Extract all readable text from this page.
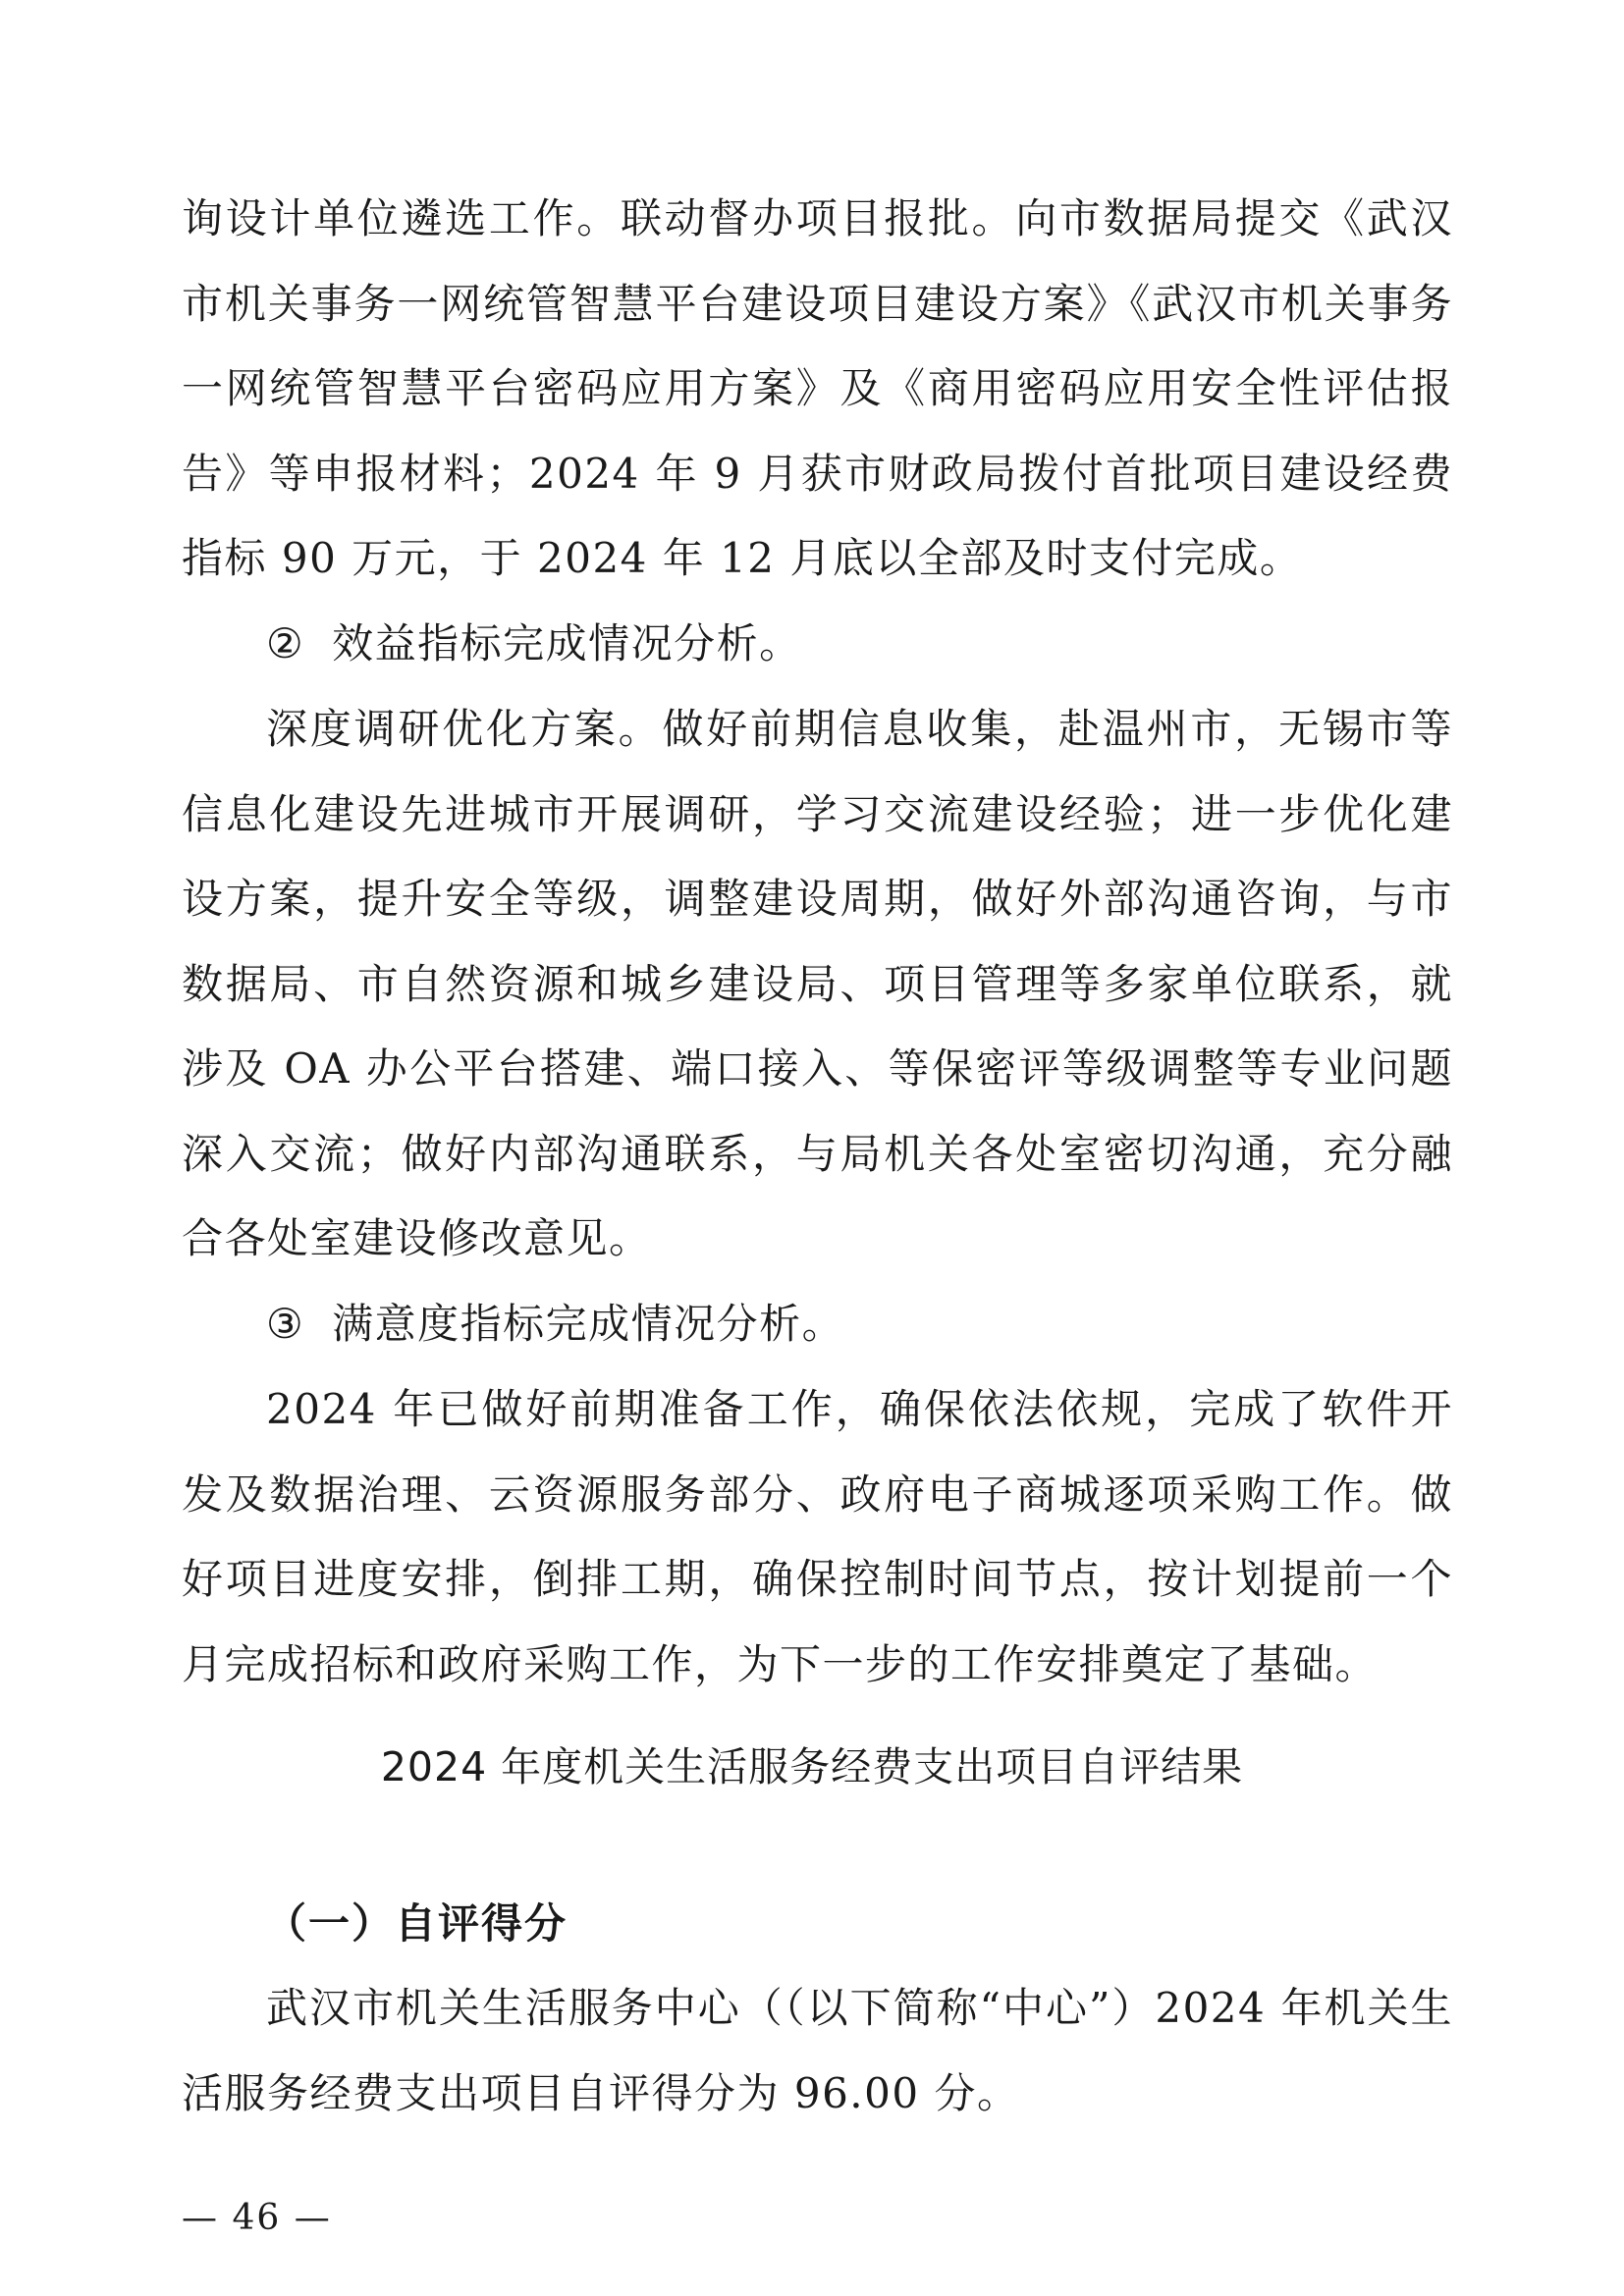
询设计单位遴选工作。联动督办项目报批。向市数据局提交《武汉市机关事务一网统管智慧平台建设项目建设方案》《武汉市机关事务一网统管智慧平台密码应用方案》及《商用密码应用安全性评估报告》等申报材料；2024 年 9 月获市财政局拨付首批项目建设经费指标 90 万元，于 2024 年 12 月底以全部及时支付完成。

② 效益指标完成情况分析。

深度调研优化方案。做好前期信息收集，赴温州市，无锡市等信息化建设先进城市开展调研，学习交流建设经验；进一步优化建设方案，提升安全等级，调整建设周期，做好外部沟通咨询，与市数据局、市自然资源和城乡建设局、项目管理等多家单位联系，就涉及 OA 办公平台搭建、端口接入、等保密评等级调整等专业问题深入交流；做好内部沟通联系，与局机关各处室密切沟通，充分融合各处室建设修改意见。

③ 满意度指标完成情况分析。

2024 年已做好前期准备工作，确保依法依规，完成了软件开发及数据治理、云资源服务部分、政府电子商城逐项采购工作。做好项目进度安排，倒排工期，确保控制时间节点，按计划提前一个月完成招标和政府采购工作，为下一步的工作安排奠定了基础。

2024 年度机关生活服务经费支出项目自评结果
（一）自评得分

武汉市机关生活服务中心（（以下简称“中心”）2024 年机关生活服务经费支出项目自评得分为 96.00 分。

— 46 —
